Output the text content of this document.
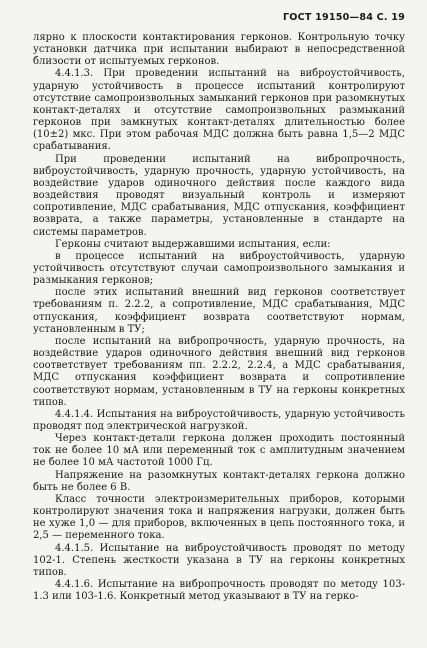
ГОСТ 19150—84 С. 19

лярно к плоскости контактирования герконов. Контрольную точку установки датчика при испытании выбирают в непосредственной близости от испытуемых герконов.

4.4.1.3. При проведении испытаний на виброустойчивость, ударную устойчивость в процессе испытаний контролируют отсутствие самопроизвольных замыканий герконов при разомкнутых контакт-деталях и отсутствие самопроизвольных размыканий герконов при замкнутых контакт-деталях длительностью более (10±2) мкс. При этом рабочая МДС должна быть равна 1,5—2 МДС срабатывания.

При проведении испытаний на вибропрочность, виброустойчивость, ударную прочность, ударную устойчивость, на воздействие ударов одиночного действия после каждого вида воздействия проводят визуальный контроль и измеряют сопротивление, МДС срабатывания, МДС отпускания, коэффициент возврата, а также параметры, установленные в стандарте на системы параметров.

Герконы считают выдержавшими испытания, если:

в процессе испытаний на виброустойчивость, ударную устойчивость отсутствуют случаи самопроизвольного замыкания и размыкания герконов;

после этих испытаний внешний вид герконов соответствует требованиям п. 2.2.2, а сопротивление, МДС срабатывания, МДС отпускания, коэффициент возврата соответствуют нормам, установленным в ТУ;

после испытаний на вибропрочность, ударную прочность, на воздействие ударов одиночного действия внешний вид герконов соответствует требованиям пп. 2.2.2, 2.2.4, а МДС срабатывания, МДС отпускания коэффициент возврата и сопротивление соответствуют нормам, установленным в ТУ на герконы конкретных типов.

4.4.1.4. Испытания на виброустойчивость, ударную устойчивость проводят под электрической нагрузкой.

Через контакт-детали геркона должен проходить постоянный ток не более 10 мА или переменный ток с амплитудным значением не более 10 мА частотой 1000 Гц.

Напряжение на разомкнутых контакт-деталях геркона должно быть не более 6 В.

Класс точности электроизмерительных приборов, которыми контролируют значения тока и напряжения нагрузки, должен быть не хуже 1,0 — для приборов, включенных в цепь постоянного тока, и 2,5 — переменного тока.

4.4.1.5. Испытание на виброустойчивость проводят по методу 102-1. Степень жесткости указана в ТУ на герконы конкретных типов.

4.4.1.6. Испытание на вибропрочность проводят по методу 103-1.3 или 103-1.6. Конкретный метод указывают в ТУ на герко-
